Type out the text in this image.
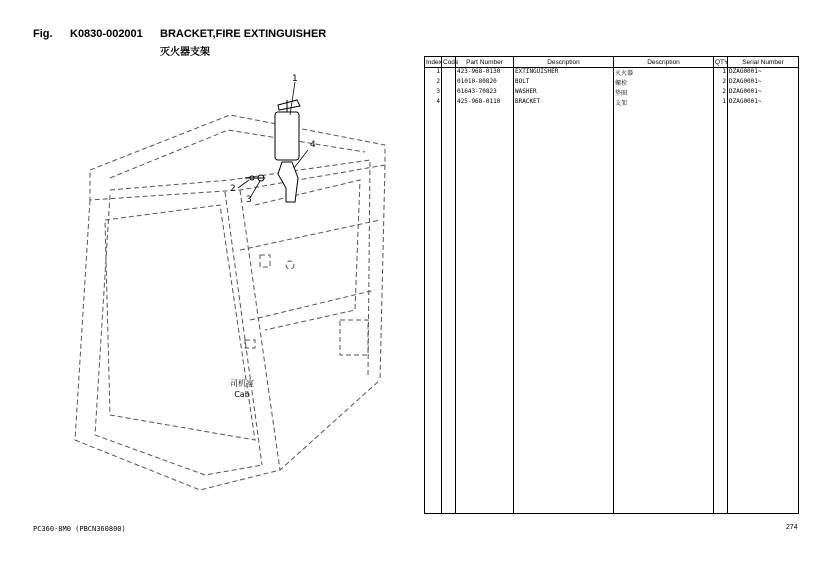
Fig. K0830-002001 BRACKET,FIRE EXTINGUISHER
灭火器支架
1
2
3
4
司机室
Cab
Index	Code	Part Number	Description	Description	QTY	Serial Number
1		423-968-0130	EXTINGUISHER	灭火器	1	DZAG0001~
2		01010-80820	BOLT	螺栓	2	DZAG0001~
3		01643-70823	WASHER	垫圈	2	DZAG0001~
4		425-968-0110	BRACKET	支架	1	DZAG0001~

PC360-8M0 (PBCN360800)	274
